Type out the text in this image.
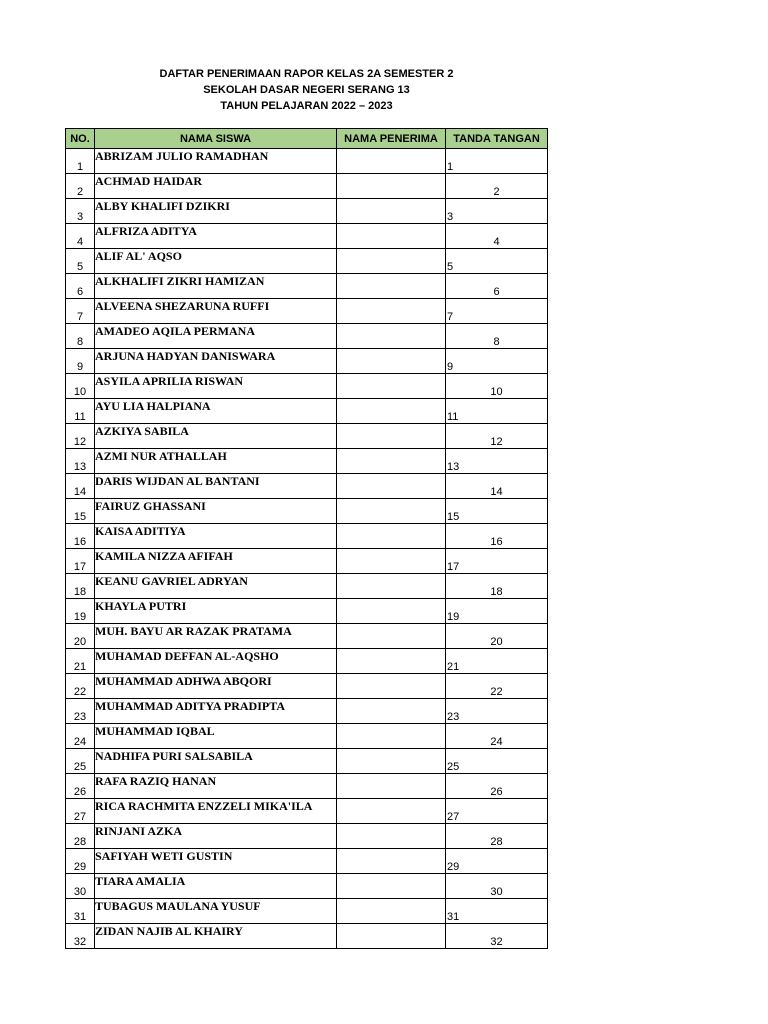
DAFTAR PENERIMAAN RAPOR KELAS 2A SEMESTER 2
SEKOLAH DASAR NEGERI SERANG 13
TAHUN PELAJARAN 2022 – 2023
NO.	NAMA SISWA	NAMA PENERIMA	TANDA TANGAN
1	ABRIZAM JULIO RAMADHAN		1
2	ACHMAD HAIDAR		2
3	ALBY KHALIFI DZIKRI		3
4	ALFRIZA ADITYA		4
5	ALIF AL' AQSO		5
6	ALKHALIFI ZIKRI HAMIZAN		6
7	ALVEENA SHEZARUNA RUFFI		7
8	AMADEO AQILA PERMANA		8
9	ARJUNA HADYAN DANISWARA		9
10	ASYILA APRILIA RISWAN		10
11	AYU LIA HALPIANA		11
12	AZKIYA SABILA		12
13	AZMI NUR ATHALLAH		13
14	DARIS WIJDAN AL BANTANI		14
15	FAIRUZ GHASSANI		15
16	KAISA ADITIYA		16
17	KAMILA NIZZA AFIFAH		17
18	KEANU GAVRIEL ADRYAN		18
19	KHAYLA PUTRI		19
20	MUH. BAYU AR RAZAK PRATAMA		20
21	MUHAMAD DEFFAN AL-AQSHO		21
22	MUHAMMAD ADHWA ABQORI		22
23	MUHAMMAD ADITYA PRADIPTA		23
24	MUHAMMAD IQBAL		24
25	NADHIFA PURI SALSABILA		25
26	RAFA RAZIQ HANAN		26
27	RICA RACHMITA ENZZELI MIKA'ILA		27
28	RINJANI AZKA		28
29	SAFIYAH WETI GUSTIN		29
30	TIARA AMALIA		30
31	TUBAGUS MAULANA YUSUF		31
32	ZIDAN NAJIB AL KHAIRY		32
